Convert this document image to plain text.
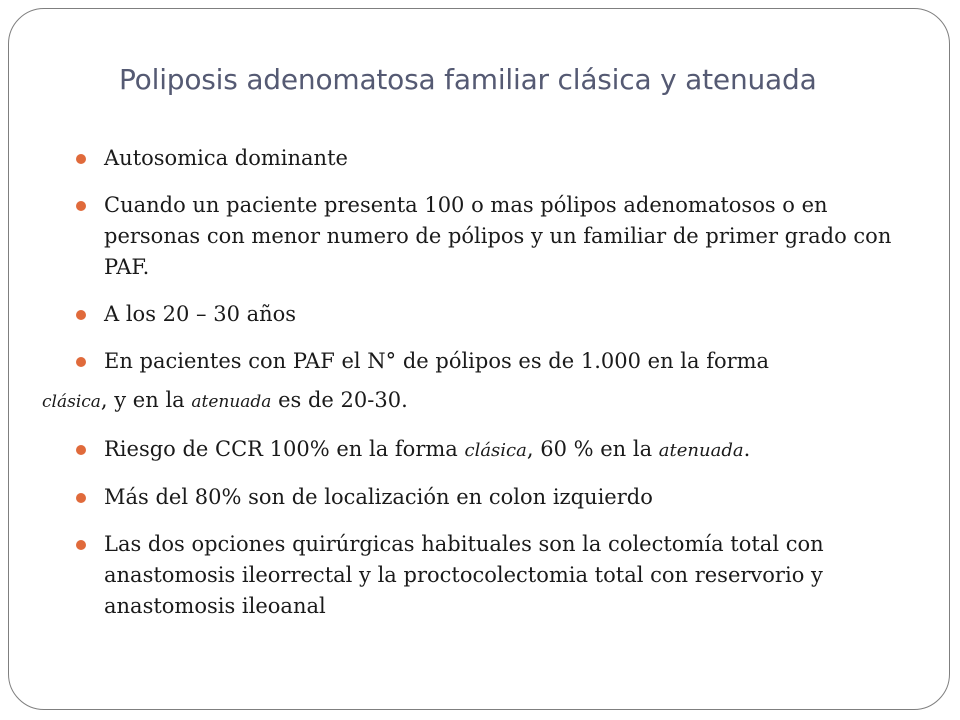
Poliposis adenomatosa familiar clásica y atenuada
Autosomica dominante
Cuando un paciente presenta 100 o mas pólipos adenomatosos o en personas con menor numero de pólipos y un familiar de primer grado con PAF.
A los 20 – 30 años
En pacientes con PAF el N° de pólipos es de 1.000 en la forma
clásica, y en la atenuada es de 20-30.
Riesgo de CCR 100% en la forma clásica, 60 % en la atenuada.
Más del 80% son de localización en colon izquierdo
Las dos opciones quirúrgicas habituales son la colectomía total con anastomosis ileorrectal y la proctocolectomia total con reservorio y anastomosis ileoanal
